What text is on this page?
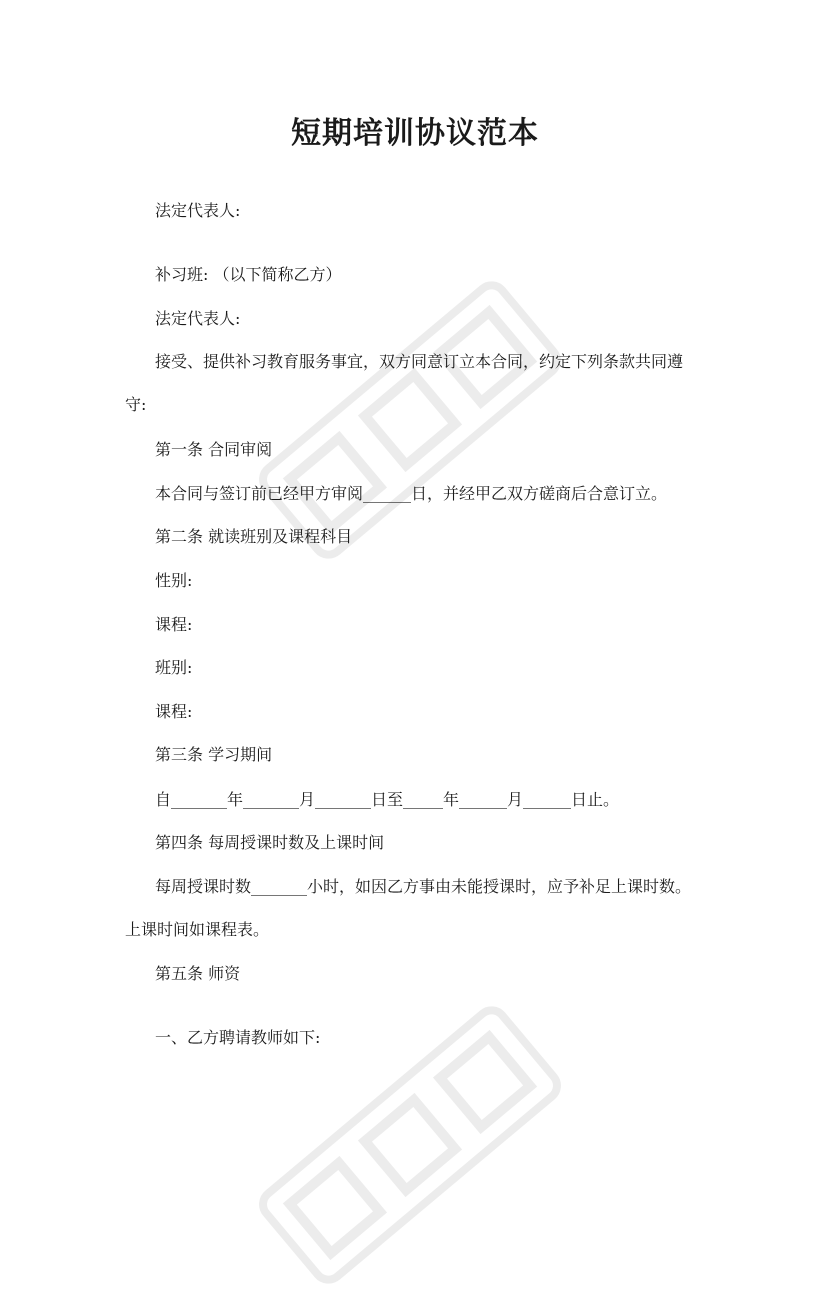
短期培训协议范本

法定代表人:

补习班: （以下简称乙方）

法定代表人:

接受、提供补习教育服务事宜，双方同意订立本合同，约定下列条款共同遵

守:

第一条 合同审阅

本合同与签订前已经甲方审阅______日，并经甲乙双方磋商后合意订立。

第二条 就读班别及课程科目

性别:

课程:

班别:

课程:

第三条 学习期间

自_______年_______月_______日至_____年______月______日止。

第四条 每周授课时数及上课时间

每周授课时数_______小时，如因乙方事由未能授课时，应予补足上课时数。

上课时间如课程表。

第五条 师资

一、乙方聘请教师如下:
